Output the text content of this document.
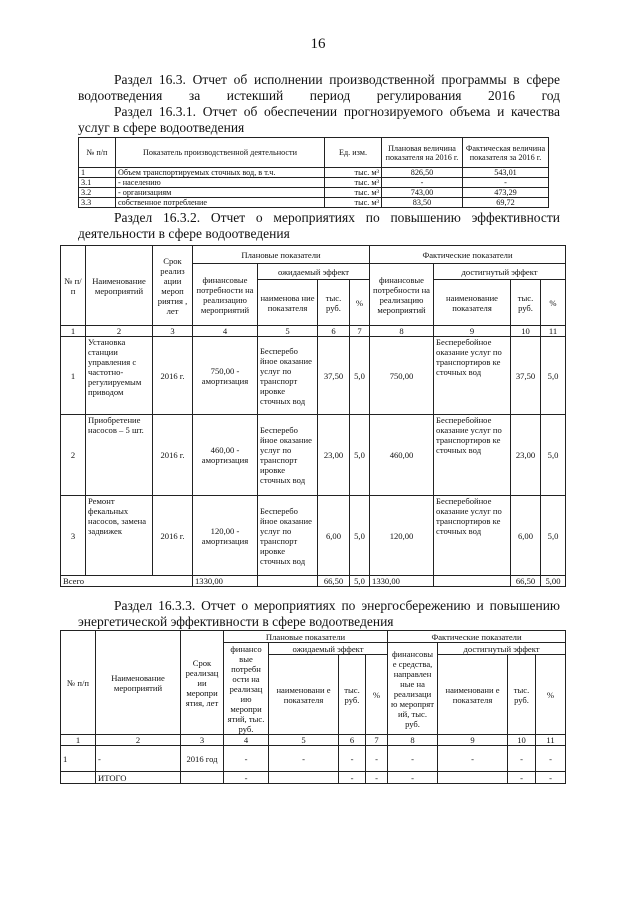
16
Раздел 16.3. Отчет об исполнении производственной программы в сфере водоотведения за истекший период регулирования 2016 год
Раздел 16.3.1. Отчет об обеспечении прогнозируемого объема и качества услуг в сфере водоотведения
№ п/п	Показатель производственной деятельности	Ед. изм.	Плановая величина показателя на 2016 г.	Фактическая величина показателя за 2016 г.
1	Объем транспортируемых сточных вод, в т.ч.	тыс. м³	826,50	543,01
3.1	- населению	тыс. м³	-	-
3.2	- организациям	тыс. м³	743,00	473,29
3.3	собственное потребление	тыс. м³	83,50	69,72
Раздел 16.3.2. Отчет о мероприятиях по повышению эффективности деятельности в сфере водоотведения
№ п/ п	Наименование мероприятий	Срок реализ ации мероп риятия , лет	Плановые показатели				Фактические показатели			
			финансовые потребности на реализацию мероприятий	ожидаемый эффект			финансовые потребности на реализацию мероприятий	достигнутый эффект		
				наименова ние показателя	тыс. руб.	%		наименование показателя	тыс. руб.	%
1	2	3	4	5	6	7	8	9	10	11
1	Установка станции управления с частотно-регулируемым приводом	2016 г.	750,00 - амортизация	Бесперебо йное оказание услуг по транспорт ировке сточных вод	37,50	5,0	750,00	Бесперебойное оказание услуг по транспортиров ке сточных вод	37,50	5,0
2	Приобретение насосов – 5 шт.	2016 г.	460,00 - амортизация	Бесперебо йное оказание услуг по транспорт ировке сточных вод	23,00	5,0	460,00	Бесперебойное оказание услуг по транспортиров ке сточных вод	23,00	5,0
3	Ремонт фекальных насосов, замена задвижек	2016 г.	120,00 - амортизация	Бесперебо йное оказание услуг по транспорт ировке сточных вод	6,00	5,0	120,00	Бесперебойное оказание услуг по транспортиров ке сточных вод	6,00	5,0
Всего			1330,00		66,50	5,0	1330,00		66,50	5,00
Раздел 16.3.3. Отчет о мероприятиях по энергосбережению и повышению энергетической эффективности в сфере водоотведения
№ п/п	Наименование мероприятий	Срок реализац ии меропри ятия, лет	Плановые показатели				Фактические показатели			
			финансо вые потребн ости на реализац ию меропри ятий, тыс. руб.	ожидаемый эффект			финансовы е средства, направлен ные на реализаци ю меропрят ий, тыс. руб.	достигнутый эффект		
				наименовани е показателя	тыс. руб.	%		наименовани е показателя	тыс. руб.	%
1	2	3	4	5	6	7	8	9	10	11
1	-	2016 год	-	-	-	-	-	-	-	-
	ИТОГО		-		-	-	-		-	-
